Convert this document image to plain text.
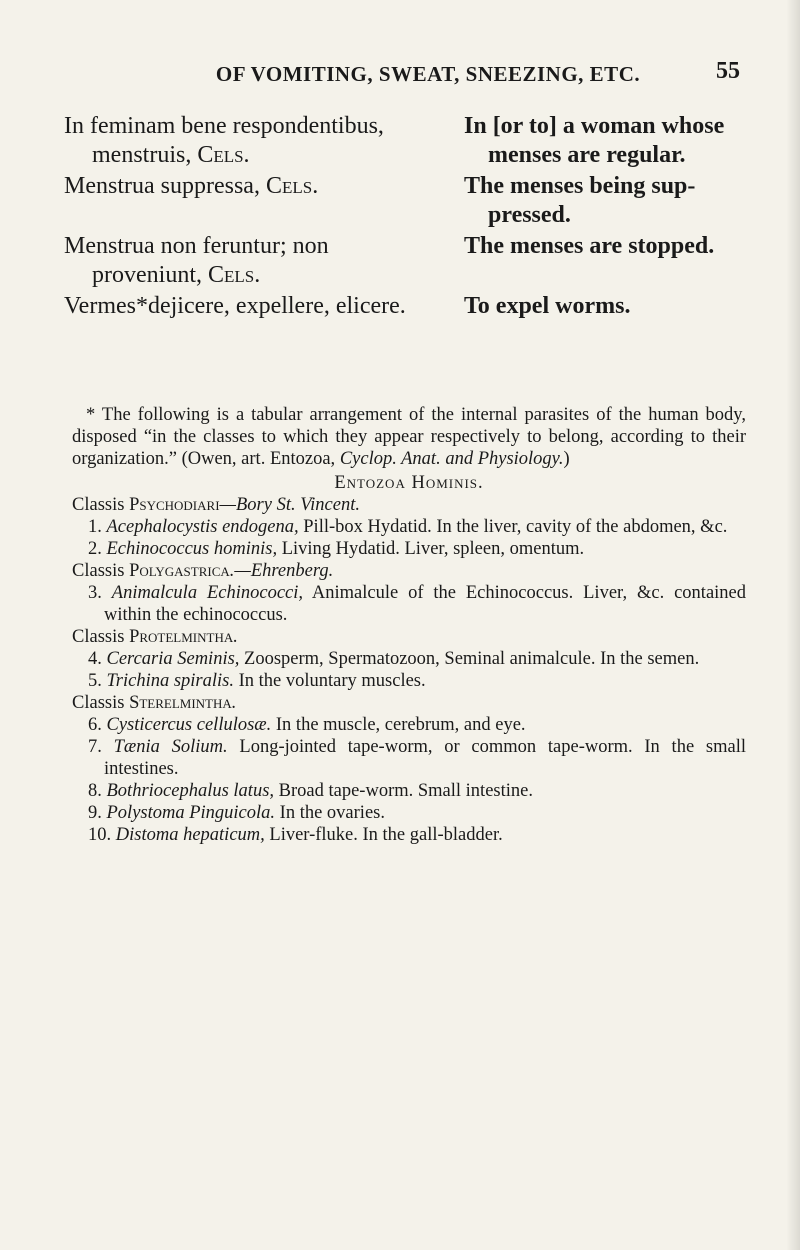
OF VOMITING, SWEAT, SNEEZING, ETC.	55
In feminam bene respondentibus, menstruis, Cels.	In [or to] a woman whose menses are regular.
Menstrua suppressa, Cels.	The menses being suppressed.
Menstrua non feruntur; non proveniunt, Cels.	The menses are stopped.
Vermes*dejicere, expellere, elicere.	To expel worms.

* The following is a tabular arrangement of the internal parasites of the human body, disposed “in the classes to which they appear respectively to belong, according to their organization.” (Owen, art. Entozoa, Cyclop. Anat. and Physiology.)

Entozoa Hominis.

Classis Psychodiari—Bory St. Vincent.

1. Acephalocystis endogena, Pill-box Hydatid. In the liver, cavity of the abdomen, &c.

2. Echinococcus hominis, Living Hydatid. Liver, spleen, omentum.

Classis Polygastrica.—Ehrenberg.

3. Animalcula Echinococci, Animalcule of the Echinococcus. Liver, &c. contained within the echinococcus.

Classis Protelmintha.

4. Cercaria Seminis, Zoosperm, Spermatozoon, Seminal animalcule. In the semen.

5. Trichina spiralis. In the voluntary muscles.

Classis Sterelmintha.

6. Cysticercus cellulosæ. In the muscle, cerebrum, and eye.

7. Tænia Solium. Long-jointed tape-worm, or common tape-worm. In the small intestines.

8. Bothriocephalus latus, Broad tape-worm. Small intestine.

9. Polystoma Pinguicola. In the ovaries.

10. Distoma hepaticum, Liver-fluke. In the gall-bladder.
